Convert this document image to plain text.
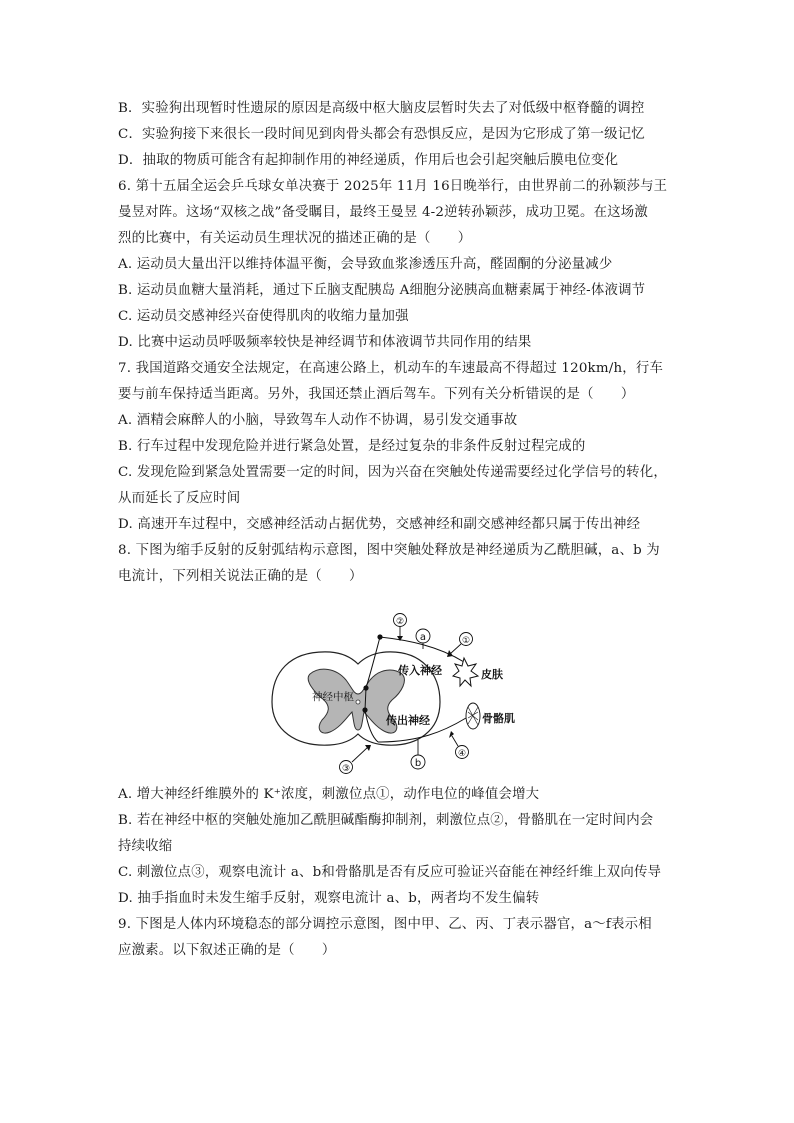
B．实验狗出现暂时性遗尿的原因是高级中枢大脑皮层暂时失去了对低级中枢脊髓的调控
C．实验狗接下来很长一段时间见到肉骨头都会有恐惧反应，是因为它形成了第一级记忆
D．抽取的物质可能含有起抑制作用的神经递质，作用后也会引起突触后膜电位变化
6. 第十五届全运会乒乓球女单决赛于 2025年 11月 16日晚举行，由世界前二的孙颖莎与王
曼昱对阵。这场“双核之战”备受瞩目，最终王曼昱 4-2逆转孙颖莎，成功卫冕。在这场激
烈的比赛中，有关运动员生理状况的描述正确的是（　　）
A. 运动员大量出汗以维持体温平衡，会导致血浆渗透压升高，醛固酮的分泌量减少
B. 运动员血糖大量消耗，通过下丘脑支配胰岛 A细胞分泌胰高血糖素属于神经-体液调节
C. 运动员交感神经兴奋使得肌肉的收缩力量加强
D. 比赛中运动员呼吸频率较快是神经调节和体液调节共同作用的结果
7. 我国道路交通安全法规定，在高速公路上，机动车的车速最高不得超过 120km/h，行车
要与前车保持适当距离。另外，我国还禁止酒后驾车。下列有关分析错误的是（　　）
A. 酒精会麻醉人的小脑，导致驾车人动作不协调，易引发交通事故
B. 行车过程中发现危险并进行紧急处置，是经过复杂的非条件反射过程完成的
C. 发现危险到紧急处置需要一定的时间，因为兴奋在突触处传递需要经过化学信号的转化，
从而延长了反应时间
D. 高速开车过程中，交感神经活动占据优势，交感神经和副交感神经都只属于传出神经
8. 下图为缩手反射的反射弧结构示意图，图中突触处释放是神经递质为乙酰胆碱，a、b 为
电流计，下列相关说法正确的是（　　）
神经中枢
传入神经	皮肤
②
a	①
传出神经	骨骼肌
④
b
③
A. 增大神经纤维膜外的 K⁺浓度，刺激位点①，动作电位的峰值会增大
B. 若在神经中枢的突触处施加乙酰胆碱酯酶抑制剂，刺激位点②，骨骼肌在一定时间内会
持续收缩
C. 刺激位点③，观察电流计 a、b和骨骼肌是否有反应可验证兴奋能在神经纤维上双向传导
D. 抽手指血时未发生缩手反射，观察电流计 a、b，两者均不发生偏转
9. 下图是人体内环境稳态的部分调控示意图，图中甲、乙、丙、丁表示器官，a～f表示相
应激素。以下叙述正确的是（　　）
